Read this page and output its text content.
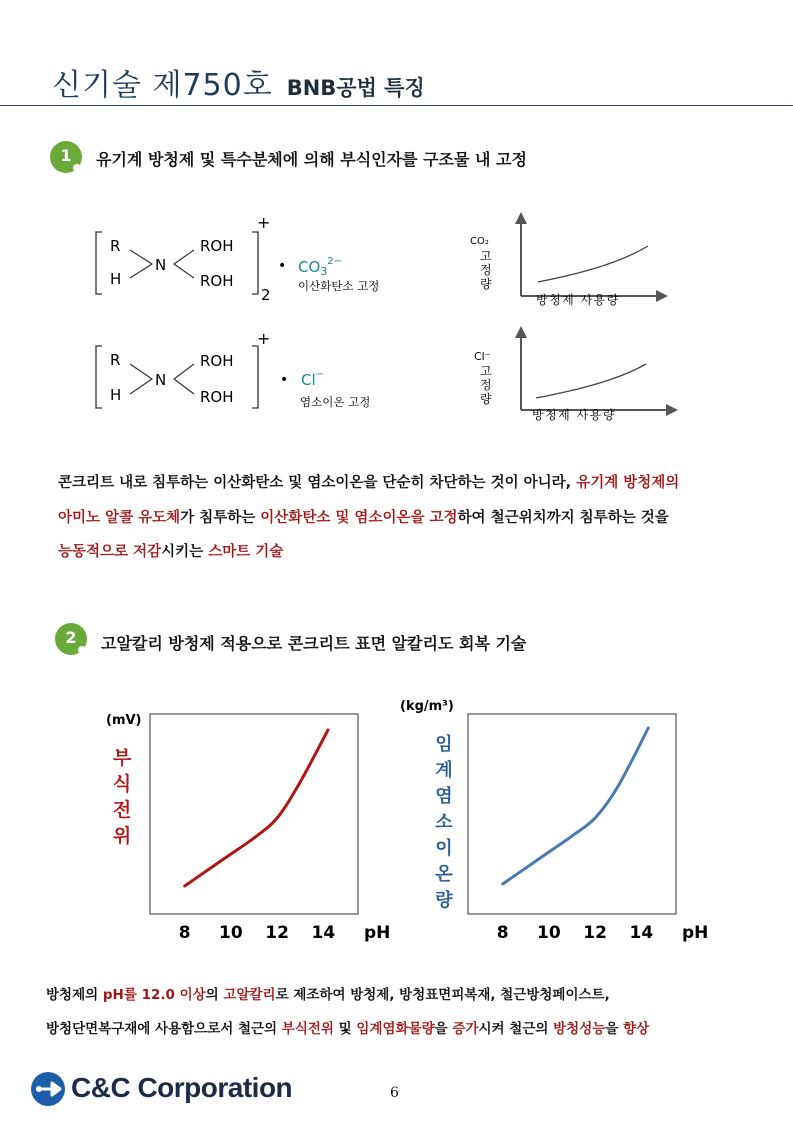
신기술 제750호 BNB공법 특징
1	유기계 방청제 및 특수분체에 의해 부식인자를 구조물 내 고정
R
H
N
ROH
ROH
+
2
• $CO_3^{2-}$
이산화탄소 고정
CO₂
고
정
량
방청제 사용량
R
H
N
ROH
ROH
+
• Cl−
염소이온 고정
Cl⁻
고
정
량
방청제 사용량
콘크리트 내로 침투하는 이산화탄소 및 염소이온을 단순히 차단하는 것이 아니라, 유기계 방청제의
아미노 알콜 유도체가 침투하는 이산화탄소 및 염소이온을 고정하여 철근위치까지 침투하는 것을
능동적으로 저감시키는 스마트 기술
2	고알칼리 방청제 적용으로 콘크리트 표면 알칼리도 회복 기술
(mV)
부
식
전
위
8 10 12 14 pH
(kg/m³)
임
계
염
소
이
온
량
8 10 12 14 pH
방청제의 pH를 12.0 이상의 고알칼리로 제조하여 방청제, 방청표면피복재, 철근방청페이스트,
방청단면복구재에 사용함으로서 철근의 부식전위 및 임계염화물량을 증가시켜 철근의 방청성능을 향상
C&C Corporation	6
